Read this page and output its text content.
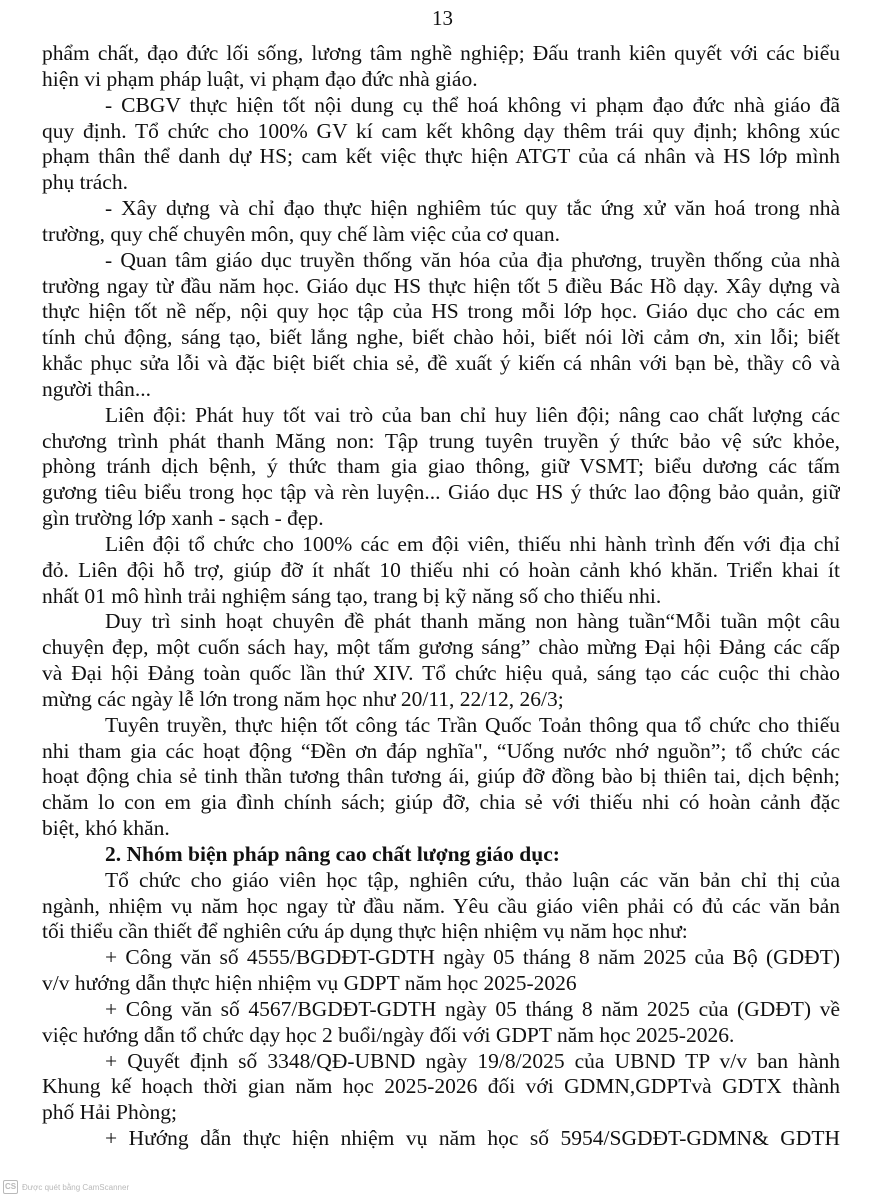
13
phẩm chất, đạo đức lối sống, lương tâm nghề nghiệp; Đấu tranh kiên quyết với các biểu
hiện vi phạm pháp luật, vi phạm đạo đức nhà giáo.
- CBGV thực hiện tốt nội dung cụ thể hoá không vi phạm đạo đức nhà giáo đã
quy định. Tổ chức cho 100% GV kí cam kết không dạy thêm trái quy định; không xúc
phạm thân thể danh dự HS; cam kết việc thực hiện ATGT của cá nhân và HS lớp mình
phụ trách.
- Xây dựng và chỉ đạo thực hiện nghiêm túc quy tắc ứng xử văn hoá trong nhà
trường, quy chế chuyên môn, quy chế làm việc của cơ quan.
- Quan tâm giáo dục truyền thống văn hóa của địa phương, truyền thống của nhà
trường ngay từ đầu năm học. Giáo dục HS thực hiện tốt 5 điều Bác Hồ dạy. Xây dựng và
thực hiện tốt nề nếp, nội quy học tập của HS trong mỗi lớp học. Giáo dục cho các em
tính chủ động, sáng tạo, biết lắng nghe, biết chào hỏi, biết nói lời cảm ơn, xin lỗi; biết
khắc phục sửa lỗi và đặc biệt biết chia sẻ, đề xuất ý kiến cá nhân với bạn bè, thầy cô và
người thân...
Liên đội: Phát huy tốt vai trò của ban chỉ huy liên đội; nâng cao chất lượng các
chương trình phát thanh Măng non: Tập trung tuyên truyền ý thức bảo vệ sức khỏe,
phòng tránh dịch bệnh, ý thức tham gia giao thông, giữ VSMT; biểu dương các tấm
gương tiêu biểu trong học tập và rèn luyện... Giáo dục HS ý thức lao động bảo quản, giữ
gìn trường lớp xanh - sạch - đẹp.
Liên đội tổ chức cho 100% các em đội viên, thiếu nhi hành trình đến với địa chỉ
đỏ. Liên đội hỗ trợ, giúp đỡ ít nhất 10 thiếu nhi có hoàn cảnh khó khăn. Triển khai ít
nhất 01 mô hình trải nghiệm sáng tạo, trang bị kỹ năng số cho thiếu nhi.
Duy trì sinh hoạt chuyên đề phát thanh măng non hàng tuần“Mỗi tuần một câu
chuyện đẹp, một cuốn sách hay, một tấm gương sáng” chào mừng Đại hội Đảng các cấp
và Đại hội Đảng toàn quốc lần thứ XIV. Tổ chức hiệu quả, sáng tạo các cuộc thi chào
mừng các ngày lễ lớn trong năm học như 20/11, 22/12, 26/3;
Tuyên truyền, thực hiện tốt công tác Trần Quốc Toản thông qua tổ chức cho thiếu
nhi tham gia các hoạt động “Đền ơn đáp nghĩa", “Uống nước nhớ nguồn”; tổ chức các
hoạt động chia sẻ tinh thần tương thân tương ái, giúp đỡ đồng bào bị thiên tai, dịch bệnh;
chăm lo con em gia đình chính sách; giúp đỡ, chia sẻ với thiếu nhi có hoàn cảnh đặc
biệt, khó khăn.
2. Nhóm biện pháp nâng cao chất lượng giáo dục:
Tổ chức cho giáo viên học tập, nghiên cứu, thảo luận các văn bản chỉ thị của
ngành, nhiệm vụ năm học ngay từ đầu năm. Yêu cầu giáo viên phải có đủ các văn bản
tối thiểu cần thiết để nghiên cứu áp dụng thực hiện nhiệm vụ năm học như:
+ Công văn số 4555/BGDĐT-GDTH ngày 05 tháng 8 năm 2025 của Bộ (GDĐT)
v/v hướng dẫn thực hiện nhiệm vụ GDPT năm học 2025-2026
+ Công văn số 4567/BGDĐT-GDTH ngày 05 tháng 8 năm 2025 của (GDĐT) về
việc hướng dẫn tổ chức dạy học 2 buổi/ngày đối với GDPT năm học 2025-2026.
+ Quyết định số 3348/QĐ-UBND ngày 19/8/2025 của UBND TP v/v ban hành
Khung kế hoạch thời gian năm học 2025-2026 đối với GDMN,GDPTvà GDTX thành
phố Hải Phòng;
+ Hướng dẫn thực hiện nhiệm vụ năm học số 5954/SGDĐT-GDMN& GDTH
CS Được quét bằng CamScanner
